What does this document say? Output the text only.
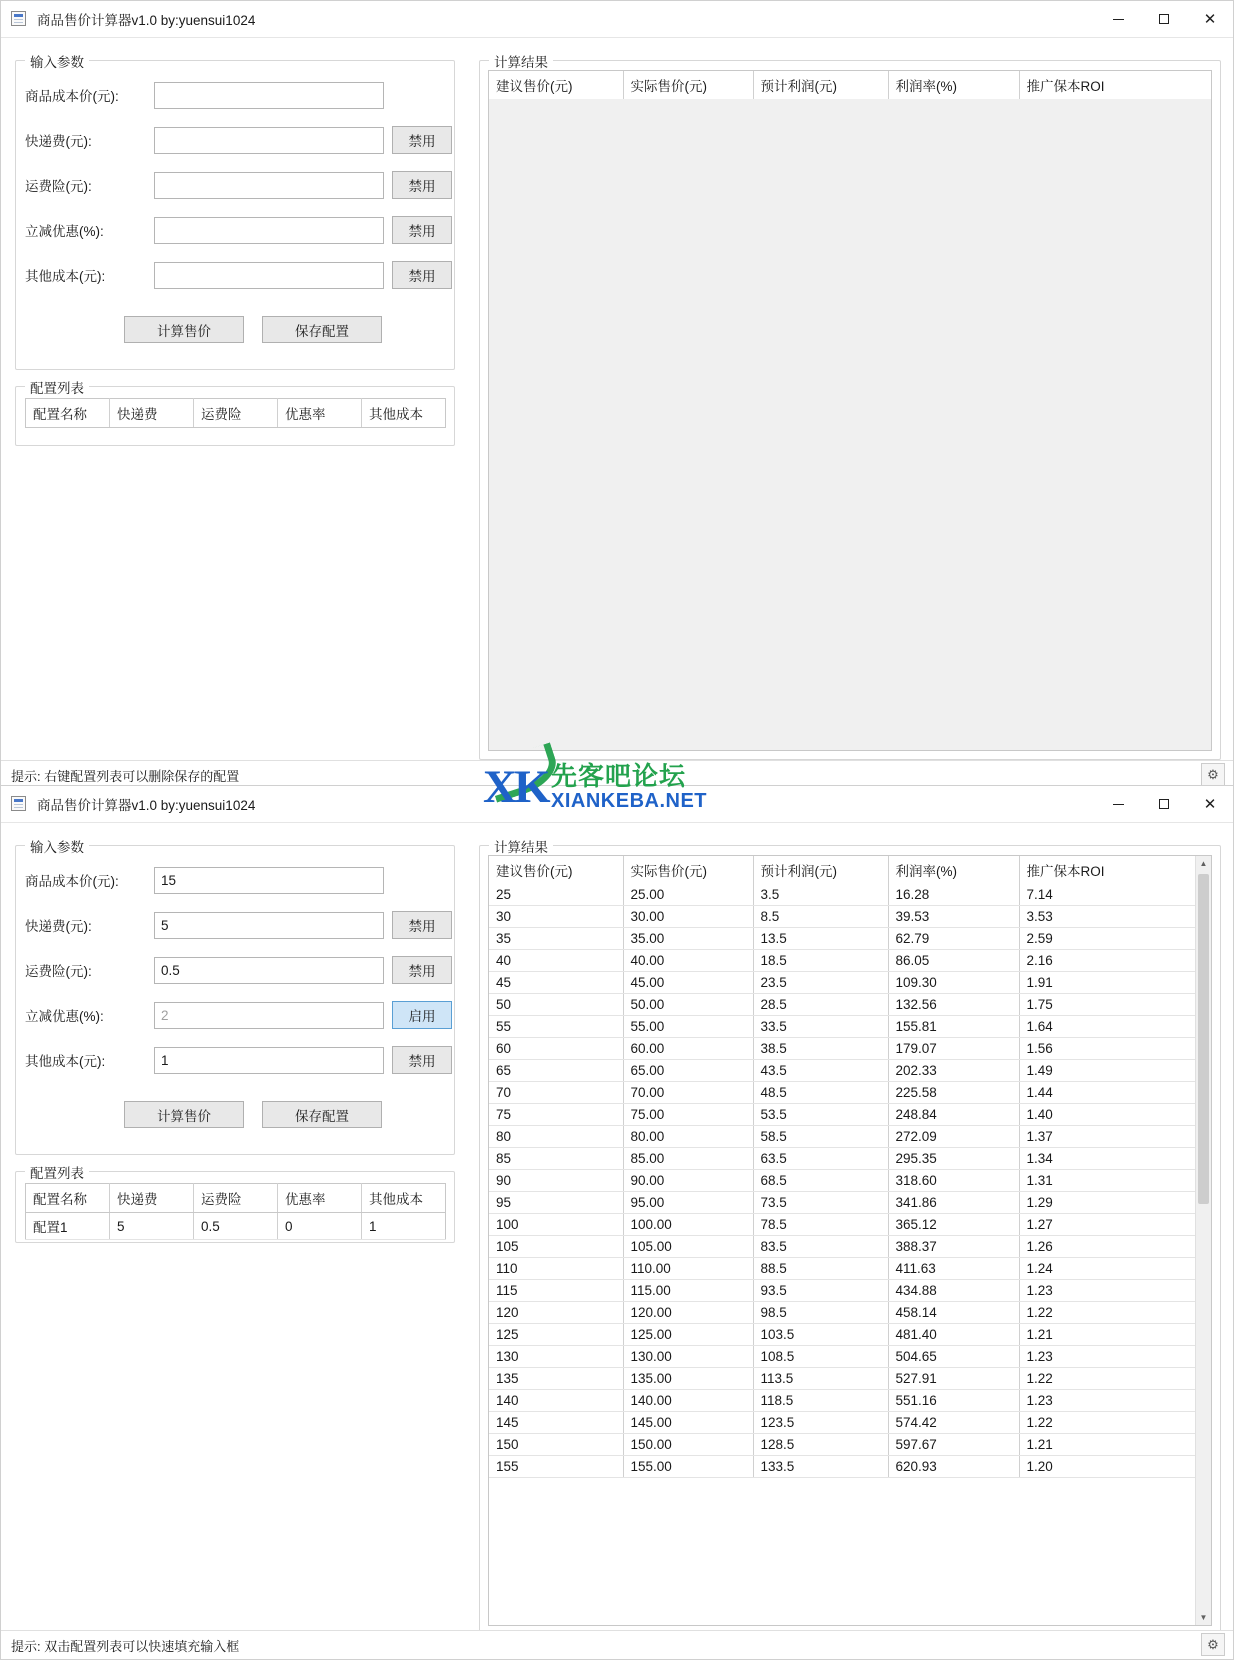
商品售价计算器v1.0 by:yuensui1024	✕
输入参数
商品成本价(元):
快递费(元):	禁用
运费险(元):	禁用
立减优惠(%):	禁用
其他成本(元):	禁用
计算售价	保存配置
配置列表
配置名称	快递费	运费险	优惠率	其他成本
计算结果
建议售价(元)	实际售价(元)	预计利润(元)	利润率(%)	推广保本ROI
提示: 右键配置列表可以删除保存的配置	⚙
商品售价计算器v1.0 by:yuensui1024	✕
输入参数
商品成本价(元):
15
快递费(元):
5	禁用
运费险(元):
0.5	禁用
立减优惠(%):
2	启用
其他成本(元):
1	禁用
计算售价	保存配置
配置列表
配置名称	快递费	运费险	优惠率	其他成本
配置1	5	0.5	0	1
计算结果
建议售价(元)	实际售价(元)	预计利润(元)	利润率(%)	推广保本ROI
25	25.00	3.5	16.28	7.14
30	30.00	8.5	39.53	3.53
35	35.00	13.5	62.79	2.59
40	40.00	18.5	86.05	2.16
45	45.00	23.5	109.30	1.91
50	50.00	28.5	132.56	1.75
55	55.00	33.5	155.81	1.64
60	60.00	38.5	179.07	1.56
65	65.00	43.5	202.33	1.49
70	70.00	48.5	225.58	1.44
75	75.00	53.5	248.84	1.40
80	80.00	58.5	272.09	1.37
85	85.00	63.5	295.35	1.34
90	90.00	68.5	318.60	1.31
95	95.00	73.5	341.86	1.29
100	100.00	78.5	365.12	1.27
105	105.00	83.5	388.37	1.26
110	110.00	88.5	411.63	1.24
115	115.00	93.5	434.88	1.23
120	120.00	98.5	458.14	1.22
125	125.00	103.5	481.40	1.21
130	130.00	108.5	504.65	1.23
135	135.00	113.5	527.91	1.22
140	140.00	118.5	551.16	1.23
145	145.00	123.5	574.42	1.22
150	150.00	128.5	597.67	1.21
155	155.00	133.5	620.93	1.20
▲
▼
提示: 双击配置列表可以快速填充输入框	⚙
XK 先客吧论坛
XIANKEBA.NET
